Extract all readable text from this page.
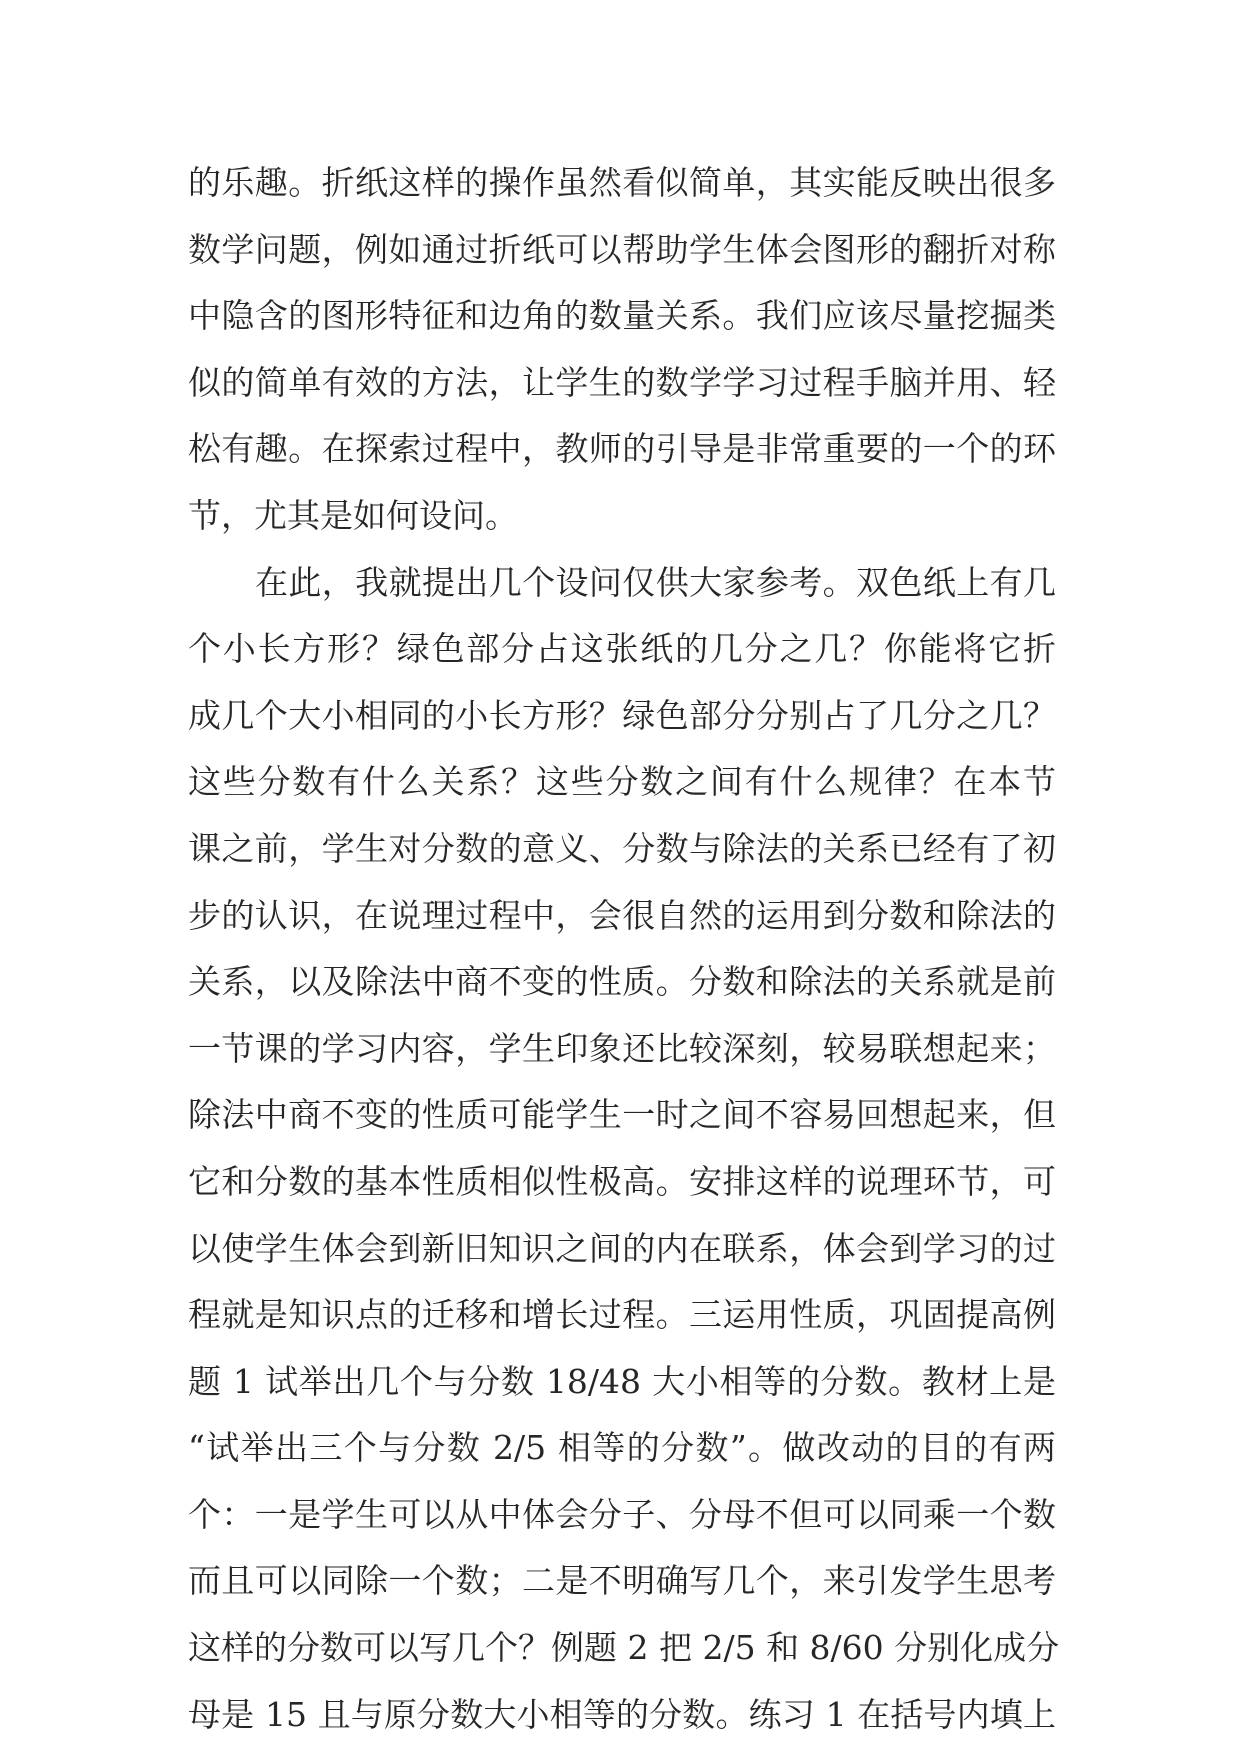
的乐趣。折纸这样的操作虽然看似简单，其实能反映出很多
数学问题，例如通过折纸可以帮助学生体会图形的翻折对称
中隐含的图形特征和边角的数量关系。我们应该尽量挖掘类
似的简单有效的方法，让学生的数学学习过程手脑并用、轻
松有趣。在探索过程中，教师的引导是非常重要的一个的环
节，尤其是如何设问。
在此，我就提出几个设问仅供大家参考。双色纸上有几
个小长方形？绿色部分占这张纸的几分之几？你能将它折
成几个大小相同的小长方形？绿色部分分别占了几分之几？
这些分数有什么关系？这些分数之间有什么规律？在本节
课之前，学生对分数的意义、分数与除法的关系已经有了初
步的认识，在说理过程中，会很自然的运用到分数和除法的
关系，以及除法中商不变的性质。分数和除法的关系就是前
一节课的学习内容，学生印象还比较深刻，较易联想起来；
除法中商不变的性质可能学生一时之间不容易回想起来，但
它和分数的基本性质相似性极高。安排这样的说理环节，可
以使学生体会到新旧知识之间的内在联系，体会到学习的过
程就是知识点的迁移和增长过程。三运用性质，巩固提高例
题 1 试举出几个与分数 18/48 大小相等的分数。教材上是
“试举出三个与分数 2/5 相等的分数”。做改动的目的有两
个：一是学生可以从中体会分子、分母不但可以同乘一个数
而且可以同除一个数；二是不明确写几个，来引发学生思考
这样的分数可以写几个？例题 2 把 2/5 和 8/60 分别化成分
母是 15 且与原分数大小相等的分数。练习 1 在括号内填上
